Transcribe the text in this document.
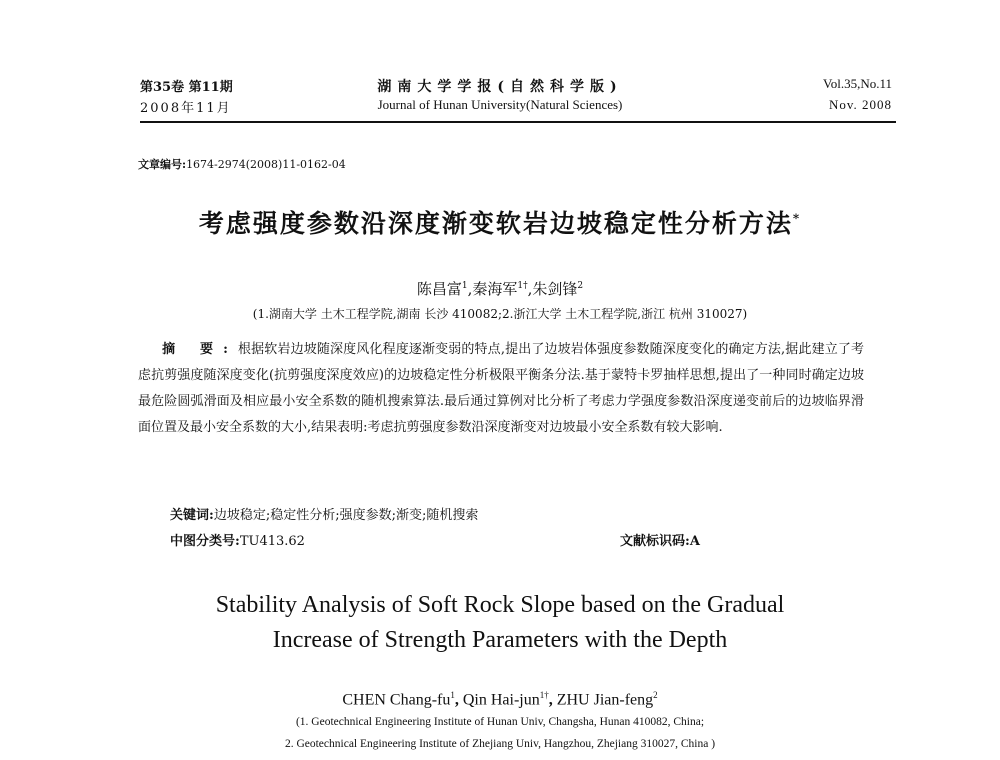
第35卷 第11期
2008年11月
湖南大学学报(自然科学版)
Journal of Hunan University(Natural Sciences)
Vol.35,No.11
Nov. 2008
文章编号:1674-2974(2008)11-0162-04
考虑强度参数沿深度渐变软岩边坡稳定性分析方法*
陈昌富$^1$,秦海军$^{1\dagger}$,朱剑锋$^2$
(1.湖南大学 土木工程学院,湖南 长沙 410082;2.浙江大学 土木工程学院,浙江 杭州 310027)
摘 要:根据软岩边坡随深度风化程度逐渐变弱的特点,提出了边坡岩体强度参数随深度变化的确定方法,据此建立了考虑抗剪强度随深度变化(抗剪强度深度效应)的边坡稳定性分析极限平衡条分法.基于蒙特卡罗抽样思想,提出了一种同时确定边坡最危险圆弧滑面及相应最小安全系数的随机搜索算法.最后通过算例对比分析了考虑力学强度参数沿深度递变前后的边坡临界滑面位置及最小安全系数的大小,结果表明:考虑抗剪强度参数沿深度渐变对边坡最小安全系数有较大影响.
关键词:边坡稳定;稳定性分析;强度参数;渐变;随机搜索
中图分类号:TU413.62	文献标识码:A
Stability Analysis of Soft Rock Slope based on the Gradual
Increase of Strength Parameters with the Depth
CHEN Chang-$fu^1$, Qin Hai-jun$^{1\dagger}$, ZHU Jian-feng$^2$
(1. Geotechnical Engineering Institute of Hunan Univ, Changsha, Hunan 410082, China;
2. Geotechnical Engineering Institute of Zhejiang Univ, Hangzhou, Zhejiang 310027, China )
